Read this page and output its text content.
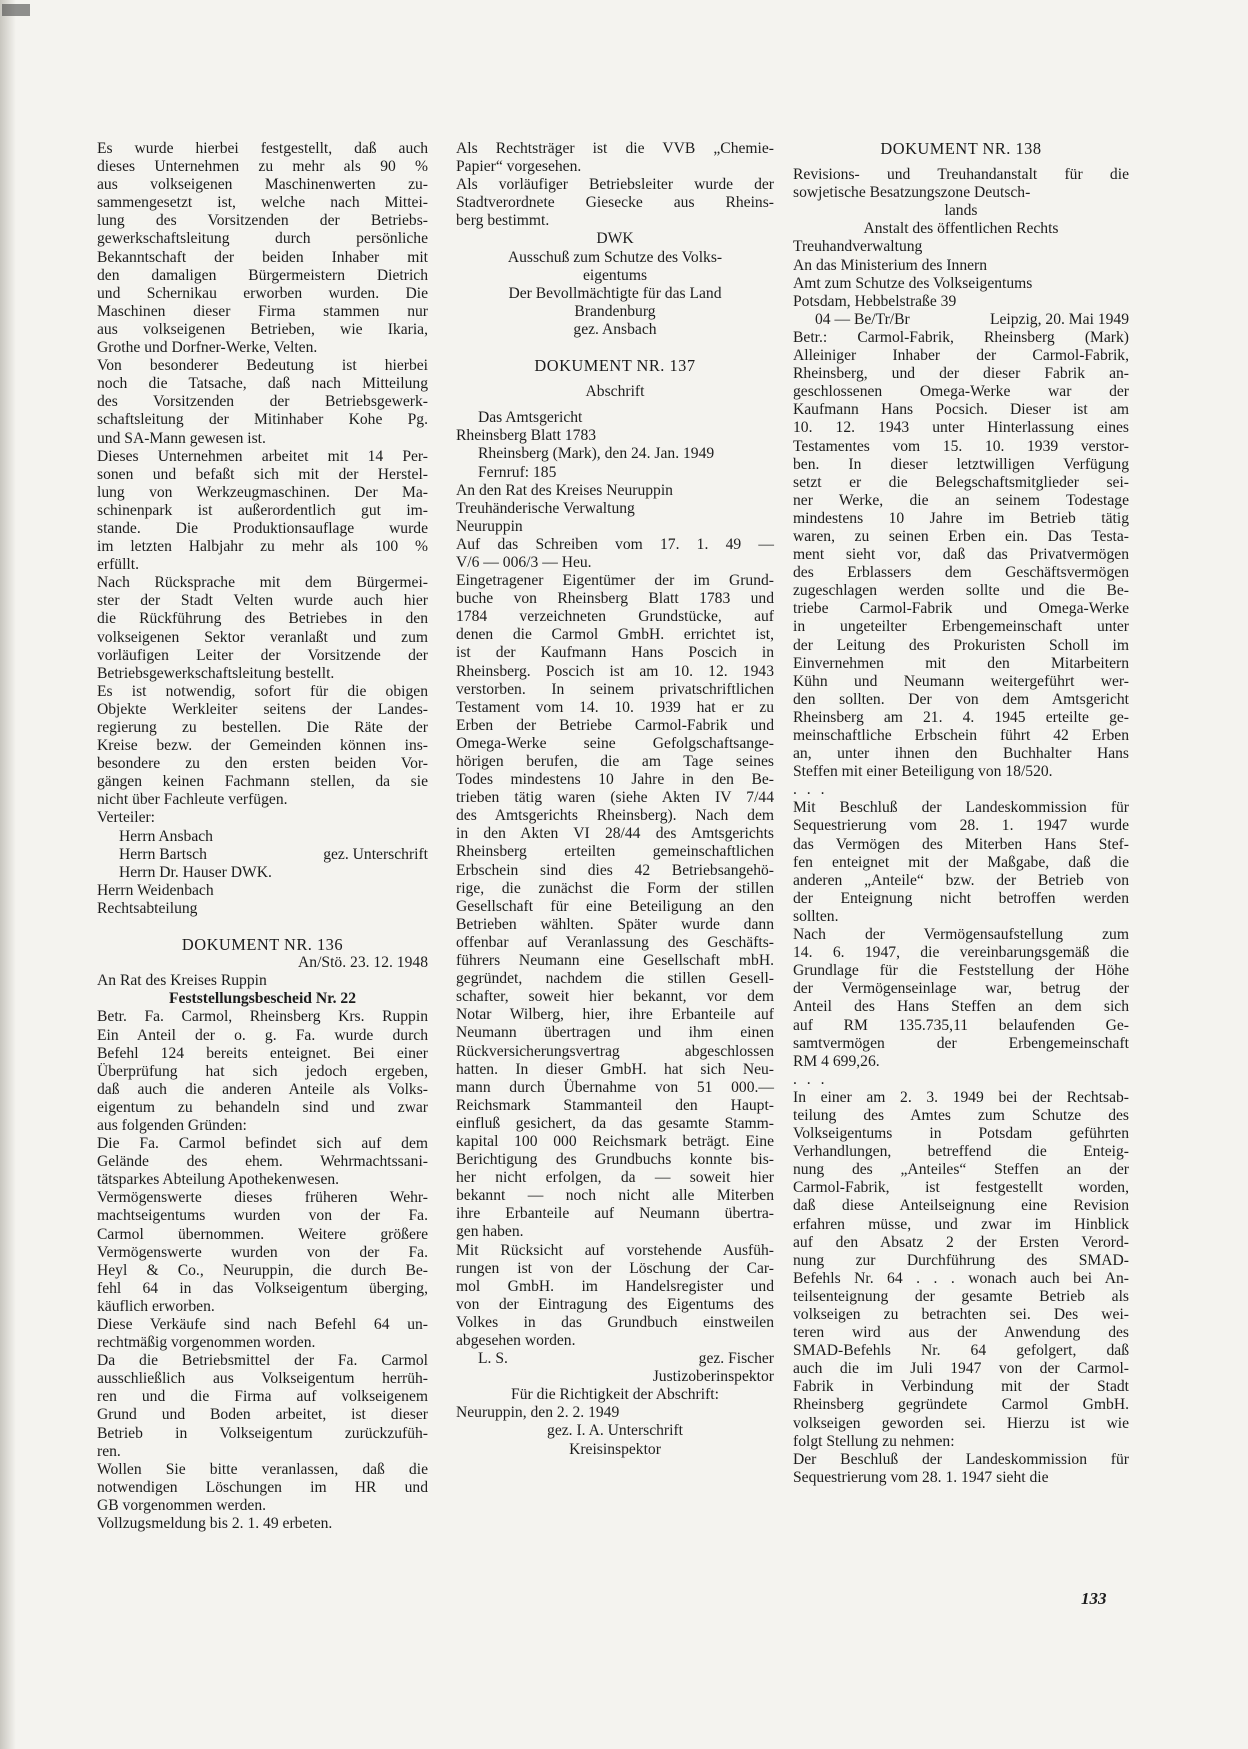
Es wurde hierbei festgestellt, daß auch
dieses Unternehmen zu mehr als 90 %
aus volkseigenen Maschinenwerten zu-
sammengesetzt ist, welche nach Mittei-
lung des Vorsitzenden der Betriebs-
gewerkschaftsleitung durch persönliche
Bekanntschaft der beiden Inhaber mit
den damaligen Bürgermeistern Dietrich
und Schernikau erworben wurden. Die
Maschinen dieser Firma stammen nur
aus volkseigenen Betrieben, wie Ikaria,
Grothe und Dorfner-Werke, Velten.
Von besonderer Bedeutung ist hierbei
noch die Tatsache, daß nach Mitteilung
des Vorsitzenden der Betriebsgewerk-
schaftsleitung der Mitinhaber Kohe Pg.
und SA-Mann gewesen ist.
Dieses Unternehmen arbeitet mit 14 Per-
sonen und befaßt sich mit der Herstel-
lung von Werkzeugmaschinen. Der Ma-
schinenpark ist außerordentlich gut im-
stande. Die Produktionsauflage wurde
im letzten Halbjahr zu mehr als 100 %
erfüllt.
Nach Rücksprache mit dem Bürgermei-
ster der Stadt Velten wurde auch hier
die Rückführung des Betriebes in den
volkseigenen Sektor veranlaßt und zum
vorläufigen Leiter der Vorsitzende der
Betriebsgewerkschaftsleitung bestellt.
Es ist notwendig, sofort für die obigen
Objekte Werkleiter seitens der Landes-
regierung zu bestellen. Die Räte der
Kreise bezw. der Gemeinden können ins-
besondere zu den ersten beiden Vor-
gängen keinen Fachmann stellen, da sie
nicht über Fachleute verfügen.
Verteiler:
Herrn Ansbach
Herrn Bartsch	gez. Unterschrift
Herrn Dr. Hauser DWK.
Herrn Weidenbach
Rechtsabteilung
DOKUMENT NR. 136
An/Stö. 23. 12. 1948
An Rat des Kreises Ruppin
Feststellungsbescheid Nr. 22
Betr. Fa. Carmol, Rheinsberg Krs. Ruppin
Ein Anteil der o. g. Fa. wurde durch
Befehl 124 bereits enteignet. Bei einer
Überprüfung hat sich jedoch ergeben,
daß auch die anderen Anteile als Volks-
eigentum zu behandeln sind und zwar
aus folgenden Gründen:
Die Fa. Carmol befindet sich auf dem
Gelände des ehem. Wehrmachtssani-
tätsparkes Abteilung Apothekenwesen.
Vermögenswerte dieses früheren Wehr-
machtseigentums wurden von der Fa.
Carmol übernommen. Weitere größere
Vermögenswerte wurden von der Fa.
Heyl & Co., Neuruppin, die durch Be-
fehl 64 in das Volkseigentum überging,
käuflich erworben.
Diese Verkäufe sind nach Befehl 64 un-
rechtmäßig vorgenommen worden.
Da die Betriebsmittel der Fa. Carmol
ausschließlich aus Volkseigentum herrüh-
ren und die Firma auf volkseigenem
Grund und Boden arbeitet, ist dieser
Betrieb in Volkseigentum zurückzufüh-
ren.
Wollen Sie bitte veranlassen, daß die
notwendigen Löschungen im HR und
GB vorgenommen werden.
Vollzugsmeldung bis 2. 1. 49 erbeten.
Als Rechtsträger ist die VVB „Chemie-
Papier“ vorgesehen.
Als vorläufiger Betriebsleiter wurde der
Stadtverordnete Giesecke aus Rheins-
berg bestimmt.
DWK
Ausschuß zum Schutze des Volks-
eigentums
Der Bevollmächtigte für das Land
Brandenburg
gez. Ansbach
DOKUMENT NR. 137
Abschrift
Das Amtsgericht
Rheinsberg Blatt 1783
Rheinsberg (Mark), den 24. Jan. 1949
Fernruf: 185
An den Rat des Kreises Neuruppin
Treuhänderische Verwaltung
Neuruppin
Auf das Schreiben vom 17. 1. 49 —
V/6 — 006/3 — Heu.
Eingetragener Eigentümer der im Grund-
buche von Rheinsberg Blatt 1783 und
1784 verzeichneten Grundstücke, auf
denen die Carmol GmbH. errichtet ist,
ist der Kaufmann Hans Poscich in
Rheinsberg. Poscich ist am 10. 12. 1943
verstorben. In seinem privatschriftlichen
Testament vom 14. 10. 1939 hat er zu
Erben der Betriebe Carmol-Fabrik und
Omega-Werke seine Gefolgschaftsange-
hörigen berufen, die am Tage seines
Todes mindestens 10 Jahre in den Be-
trieben tätig waren (siehe Akten IV 7/44
des Amtsgerichts Rheinsberg). Nach dem
in den Akten VI 28/44 des Amtsgerichts
Rheinsberg erteilten gemeinschaftlichen
Erbschein sind dies 42 Betriebsangehö-
rige, die zunächst die Form der stillen
Gesellschaft für eine Beteiligung an den
Betrieben wählten. Später wurde dann
offenbar auf Veranlassung des Geschäfts-
führers Neumann eine Gesellschaft mbH.
gegründet, nachdem die stillen Gesell-
schafter, soweit hier bekannt, vor dem
Notar Wilberg, hier, ihre Erbanteile auf
Neumann übertragen und ihm einen
Rückversicherungsvertrag abgeschlossen
hatten. In dieser GmbH. hat sich Neu-
mann durch Übernahme von 51 000.—
Reichsmark Stammanteil den Haupt-
einfluß gesichert, da das gesamte Stamm-
kapital 100 000 Reichsmark beträgt. Eine
Berichtigung des Grundbuchs konnte bis-
her nicht erfolgen, da — soweit hier
bekannt — noch nicht alle Miterben
ihre Erbanteile auf Neumann übertra-
gen haben.
Mit Rücksicht auf vorstehende Ausfüh-
rungen ist von der Löschung der Car-
mol GmbH. im Handelsregister und
von der Eintragung des Eigentums des
Volkes in das Grundbuch einstweilen
abgesehen worden.
L. S.	gez. Fischer
Justizoberinspektor
Für die Richtigkeit der Abschrift:
Neuruppin, den 2. 2. 1949
gez. I. A. Unterschrift
Kreisinspektor
DOKUMENT NR. 138
Revisions- und Treuhandanstalt für die
sowjetische Besatzungszone Deutsch-
lands
Anstalt des öffentlichen Rechts
Treuhandverwaltung
An das Ministerium des Innern
Amt zum Schutze des Volkseigentums
Potsdam, Hebbelstraße 39
04 — Be/Tr/Br	Leipzig, 20. Mai 1949
Betr.: Carmol-Fabrik, Rheinsberg (Mark)
Alleiniger Inhaber der Carmol-Fabrik,
Rheinsberg, und der dieser Fabrik an-
geschlossenen Omega-Werke war der
Kaufmann Hans Pocsich. Dieser ist am
10. 12. 1943 unter Hinterlassung eines
Testamentes vom 15. 10. 1939 verstor-
ben. In dieser letztwilligen Verfügung
setzt er die Belegschaftsmitglieder sei-
ner Werke, die an seinem Todestage
mindestens 10 Jahre im Betrieb tätig
waren, zu seinen Erben ein. Das Testa-
ment sieht vor, daß das Privatvermögen
des Erblassers dem Geschäftsvermögen
zugeschlagen werden sollte und die Be-
triebe Carmol-Fabrik und Omega-Werke
in ungeteilter Erbengemeinschaft unter
der Leitung des Prokuristen Scholl im
Einvernehmen mit den Mitarbeitern
Kühn und Neumann weitergeführt wer-
den sollten. Der von dem Amtsgericht
Rheinsberg am 21. 4. 1945 erteilte ge-
meinschaftliche Erbschein führt 42 Erben
an, unter ihnen den Buchhalter Hans
Steffen mit einer Beteiligung von 18/520.
. . .
Mit Beschluß der Landeskommission für
Sequestrierung vom 28. 1. 1947 wurde
das Vermögen des Miterben Hans Stef-
fen enteignet mit der Maßgabe, daß die
anderen „Anteile“ bzw. der Betrieb von
der Enteignung nicht betroffen werden
sollten.
Nach der Vermögensaufstellung zum
14. 6. 1947, die vereinbarungsgemäß die
Grundlage für die Feststellung der Höhe
der Vermögenseinlage war, betrug der
Anteil des Hans Steffen an dem sich
auf RM 135.735,11 belaufenden Ge-
samtvermögen der Erbengemeinschaft
RM 4 699,26.
. . .
In einer am 2. 3. 1949 bei der Rechtsab-
teilung des Amtes zum Schutze des
Volkseigentums in Potsdam geführten
Verhandlungen, betreffend die Enteig-
nung des „Anteiles“ Steffen an der
Carmol-Fabrik, ist festgestellt worden,
daß diese Anteilseignung eine Revision
erfahren müsse, und zwar im Hinblick
auf den Absatz 2 der Ersten Verord-
nung zur Durchführung des SMAD-
Befehls Nr. 64 . . . wonach auch bei An-
teilsenteignung der gesamte Betrieb als
volkseigen zu betrachten sei. Des wei-
teren wird aus der Anwendung des
SMAD-Befehls Nr. 64 gefolgert, daß
auch die im Juli 1947 von der Carmol-
Fabrik in Verbindung mit der Stadt
Rheinsberg gegründete Carmol GmbH.
volkseigen geworden sei. Hierzu ist wie
folgt Stellung zu nehmen:
Der Beschluß der Landeskommission für
Sequestrierung vom 28. 1. 1947 sieht die
133
